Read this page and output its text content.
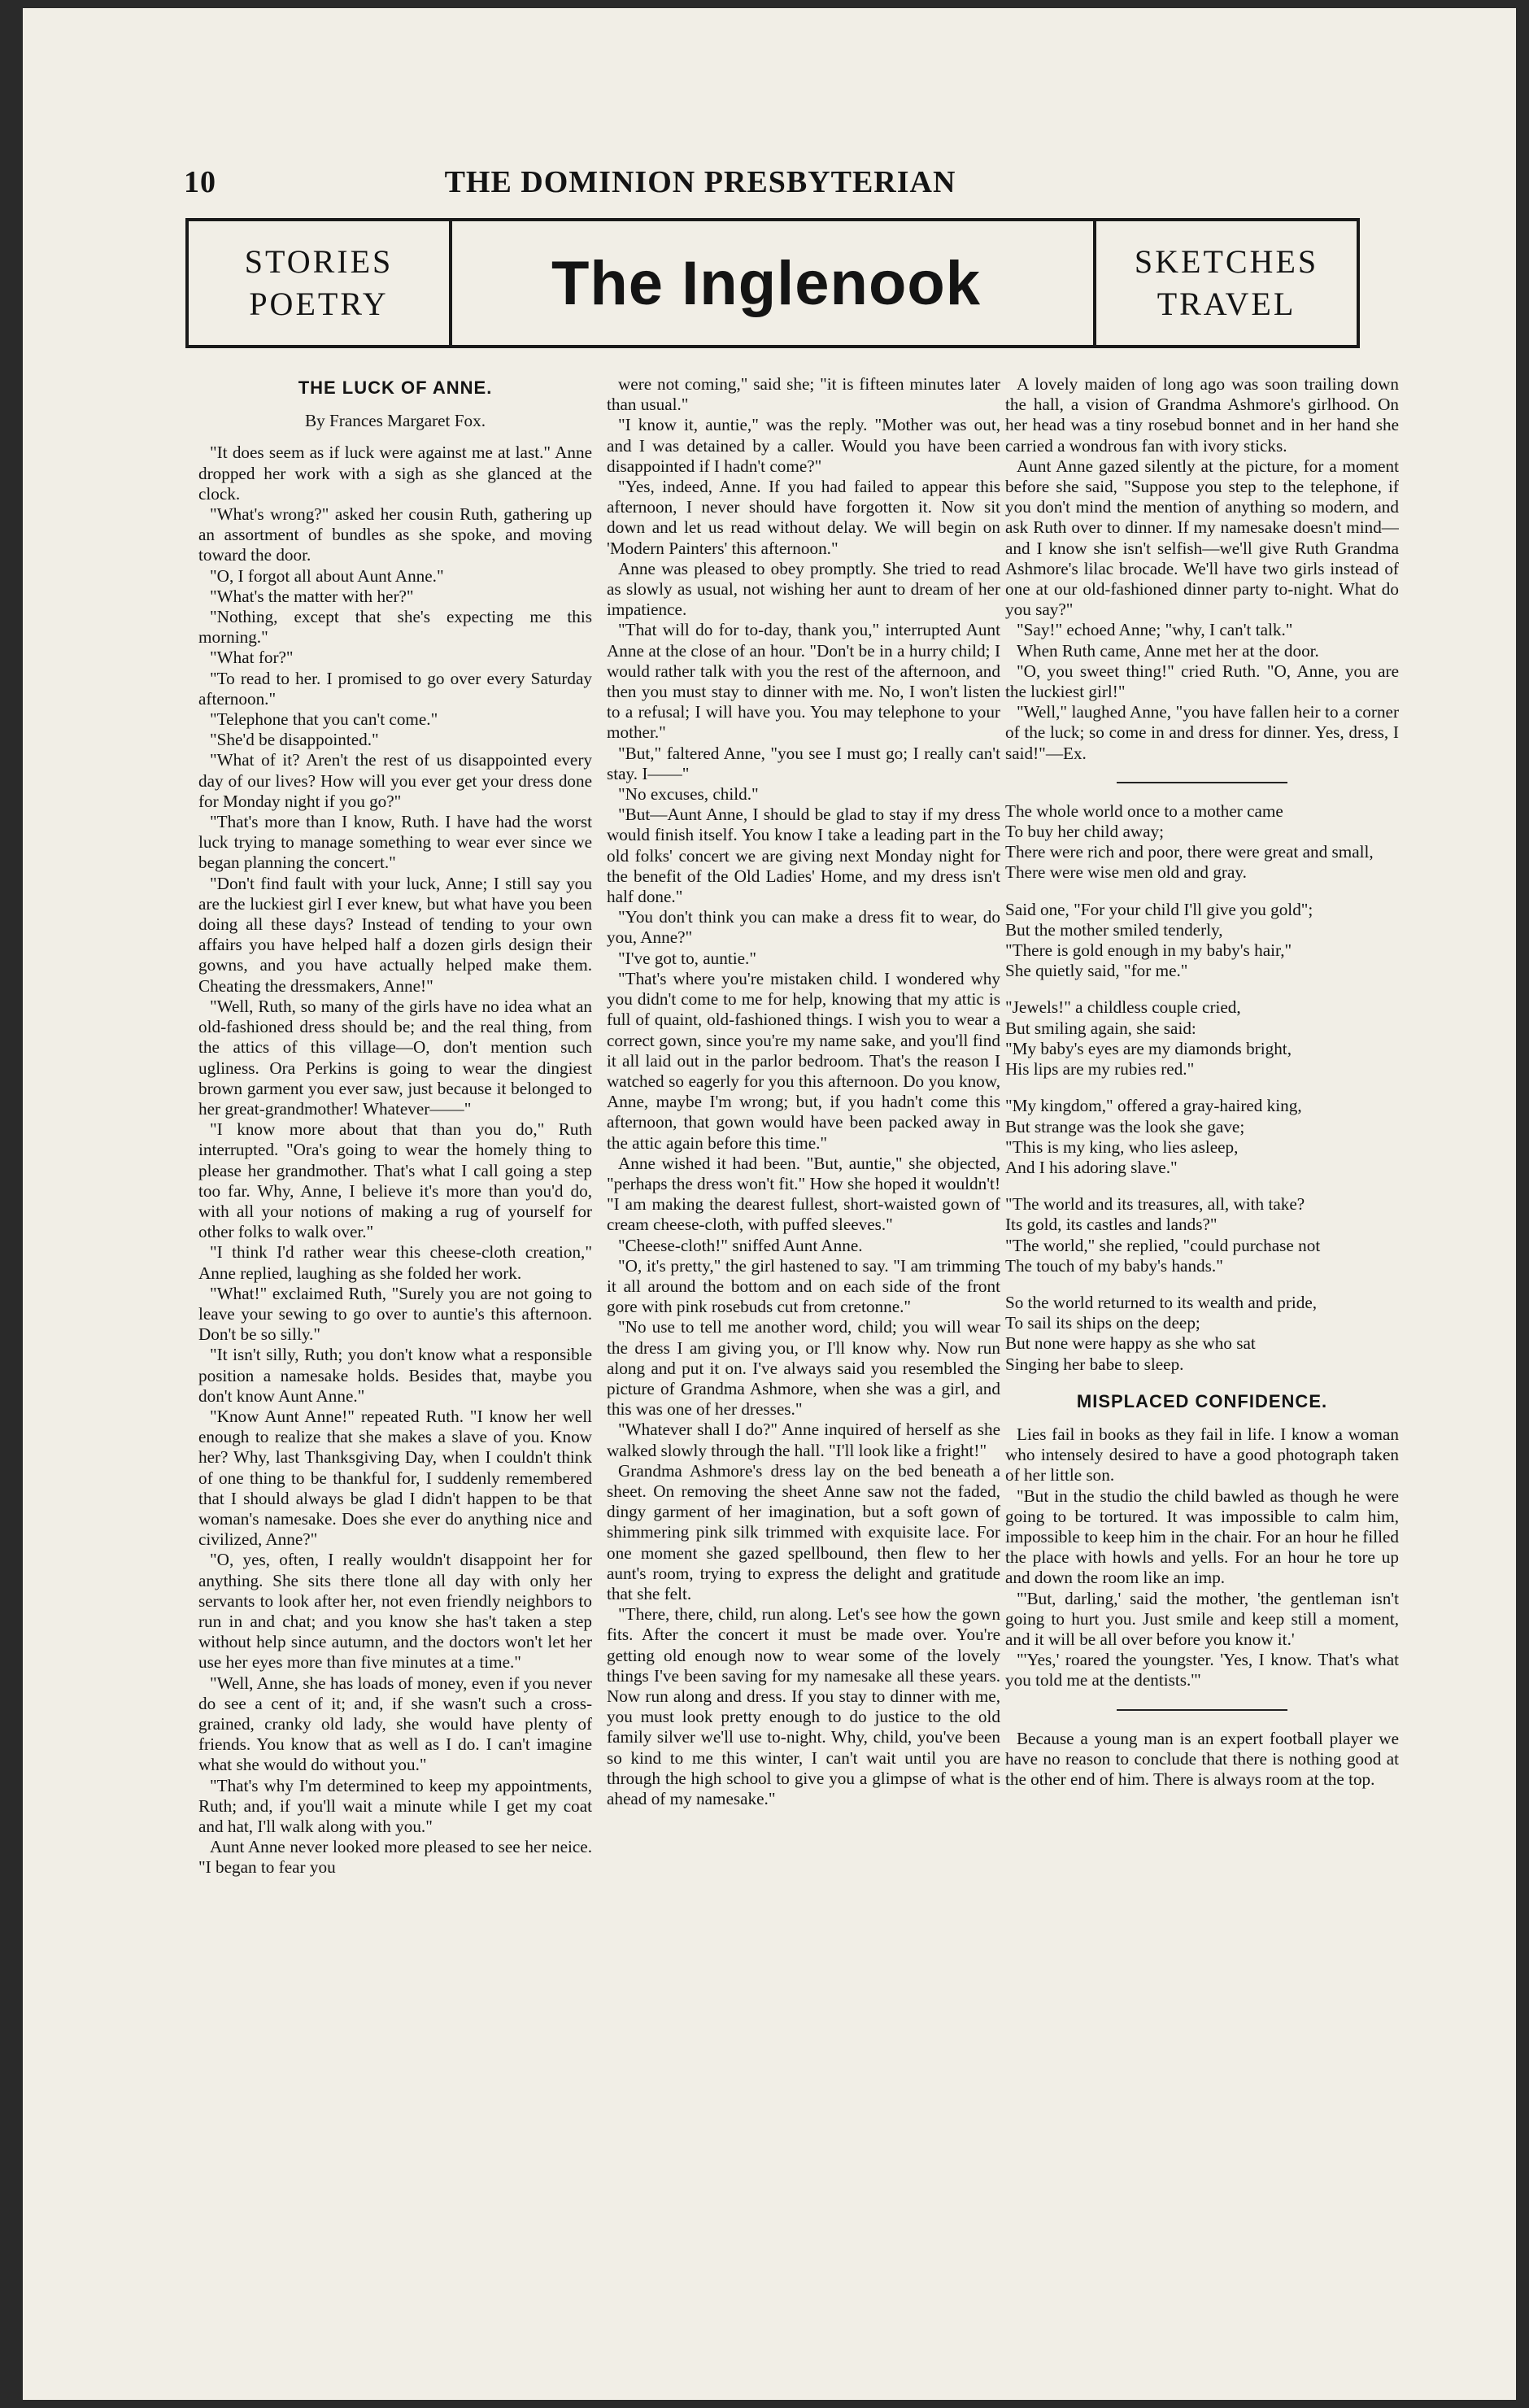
10	THE DOMINION PRESBYTERIAN
STORIES
POETRY	The Inglenook	SKETCHES
TRAVEL

THE LUCK OF ANNE.

By Frances Margaret Fox.

"It does seem as if luck were against me at last." Anne dropped her work with a sigh as she glanced at the clock.

"What's wrong?" asked her cousin Ruth, gathering up an assortment of bundles as she spoke, and moving toward the door.

"O, I forgot all about Aunt Anne."

"What's the matter with her?"

"Nothing, except that she's expecting me this morning."

"What for?"

"To read to her. I promised to go over every Saturday afternoon."

"Telephone that you can't come."

"She'd be disappointed."

"What of it? Aren't the rest of us disappointed every day of our lives? How will you ever get your dress done for Monday night if you go?"

"That's more than I know, Ruth. I have had the worst luck trying to manage something to wear ever since we began planning the concert."

"Don't find fault with your luck, Anne; I still say you are the luckiest girl I ever knew, but what have you been doing all these days? Instead of tending to your own affairs you have helped half a dozen girls design their gowns, and you have actually helped make them. Cheating the dressmakers, Anne!"

"Well, Ruth, so many of the girls have no idea what an old-fashioned dress should be; and the real thing, from the attics of this village—O, don't mention such ugliness. Ora Perkins is going to wear the dingiest brown garment you ever saw, just because it belonged to her great-grandmother! Whatever——"

"I know more about that than you do," Ruth interrupted. "Ora's going to wear the homely thing to please her grandmother. That's what I call going a step too far. Why, Anne, I believe it's more than you'd do, with all your notions of making a rug of yourself for other folks to walk over."

"I think I'd rather wear this cheese-cloth creation," Anne replied, laughing as she folded her work.

"What!" exclaimed Ruth, "Surely you are not going to leave your sewing to go over to auntie's this afternoon. Don't be so silly."

"It isn't silly, Ruth; you don't know what a responsible position a namesake holds. Besides that, maybe you don't know Aunt Anne."

"Know Aunt Anne!" repeated Ruth. "I know her well enough to realize that she makes a slave of you. Know her? Why, last Thanksgiving Day, when I couldn't think of one thing to be thankful for, I suddenly remembered that I should always be glad I didn't happen to be that woman's namesake. Does she ever do anything nice and civilized, Anne?"

"O, yes, often, I really wouldn't disappoint her for anything. She sits there tlone all day with only her servants to look after her, not even friendly neighbors to run in and chat; and you know she has't taken a step without help since autumn, and the doctors won't let her use her eyes more than five minutes at a time."

"Well, Anne, she has loads of money, even if you never do see a cent of it; and, if she wasn't such a cross-grained, cranky old lady, she would have plenty of friends. You know that as well as I do. I can't imagine what she would do without you."

"That's why I'm determined to keep my appointments, Ruth; and, if you'll wait a minute while I get my coat and hat, I'll walk along with you."

Aunt Anne never looked more pleased to see her neice. "I began to fear you

were not coming," said she; "it is fifteen minutes later than usual."

"I know it, auntie," was the reply. "Mother was out, and I was detained by a caller. Would you have been disappointed if I hadn't come?"

"Yes, indeed, Anne. If you had failed to appear this afternoon, I never should have forgotten it. Now sit down and let us read without delay. We will begin on 'Modern Painters' this afternoon."

Anne was pleased to obey promptly. She tried to read as slowly as usual, not wishing her aunt to dream of her impatience.

"That will do for to-day, thank you," interrupted Aunt Anne at the close of an hour. "Don't be in a hurry child; I would rather talk with you the rest of the afternoon, and then you must stay to dinner with me. No, I won't listen to a refusal; I will have you. You may telephone to your mother."

"But," faltered Anne, "you see I must go; I really can't stay. I——"

"No excuses, child."

"But—Aunt Anne, I should be glad to stay if my dress would finish itself. You know I take a leading part in the old folks' concert we are giving next Monday night for the benefit of the Old Ladies' Home, and my dress isn't half done."

"You don't think you can make a dress fit to wear, do you, Anne?"

"I've got to, auntie."

"That's where you're mistaken child. I wondered why you didn't come to me for help, knowing that my attic is full of quaint, old-fashioned things. I wish you to wear a correct gown, since you're my name sake, and you'll find it all laid out in the parlor bedroom. That's the reason I watched so eagerly for you this afternoon. Do you know, Anne, maybe I'm wrong; but, if you hadn't come this afternoon, that gown would have been packed away in the attic again before this time."

Anne wished it had been. "But, auntie," she objected, "perhaps the dress won't fit." How she hoped it wouldn't! "I am making the dearest fullest, short-waisted gown of cream cheese-cloth, with puffed sleeves."

"Cheese-cloth!" sniffed Aunt Anne.

"O, it's pretty," the girl hastened to say. "I am trimming it all around the bottom and on each side of the front gore with pink rosebuds cut from cretonne."

"No use to tell me another word, child; you will wear the dress I am giving you, or I'll know why. Now run along and put it on. I've always said you resembled the picture of Grandma Ashmore, when she was a girl, and this was one of her dresses."

"Whatever shall I do?" Anne inquired of herself as she walked slowly through the hall. "I'll look like a fright!"

Grandma Ashmore's dress lay on the bed beneath a sheet. On removing the sheet Anne saw not the faded, dingy garment of her imagination, but a soft gown of shimmering pink silk trimmed with exquisite lace. For one moment she gazed spellbound, then flew to her aunt's room, trying to express the delight and gratitude that she felt.

"There, there, child, run along. Let's see how the gown fits. After the concert it must be made over. You're getting old enough now to wear some of the lovely things I've been saving for my namesake all these years. Now run along and dress. If you stay to dinner with me, you must look pretty enough to do justice to the old family silver we'll use to-night. Why, child, you've been so kind to me this winter, I can't wait until you are through the high school to give you a glimpse of what is ahead of my namesake."

A lovely maiden of long ago was soon trailing down the hall, a vision of Grandma Ashmore's girlhood. On her head was a tiny rosebud bonnet and in her hand she carried a wondrous fan with ivory sticks.

Aunt Anne gazed silently at the picture, for a moment before she said, "Suppose you step to the telephone, if you don't mind the mention of anything so modern, and ask Ruth over to dinner. If my namesake doesn't mind—and I know she isn't selfish—we'll give Ruth Grandma Ashmore's lilac brocade. We'll have two girls instead of one at our old-fashioned dinner party to-night. What do you say?"

"Say!" echoed Anne; "why, I can't talk."

When Ruth came, Anne met her at the door.

"O, you sweet thing!" cried Ruth. "O, Anne, you are the luckiest girl!"

"Well," laughed Anne, "you have fallen heir to a corner of the luck; so come in and dress for dinner. Yes, dress, I said!"—Ex.

The whole world once to a mother came
To buy her child away;
There were rich and poor, there were great and small,
There were wise men old and gray.
Said one, "For your child I'll give you gold";
But the mother smiled tenderly,
"There is gold enough in my baby's hair,"
She quietly said, "for me."
"Jewels!" a childless couple cried,
But smiling again, she said:
"My baby's eyes are my diamonds bright,
His lips are my rubies red."
"My kingdom," offered a gray-haired king,
But strange was the look she gave;
"This is my king, who lies asleep,
And I his adoring slave."
"The world and its treasures, all, with take?
Its gold, its castles and lands?"
"The world," she replied, "could purchase not
The touch of my baby's hands."
So the world returned to its wealth and pride,
To sail its ships on the deep;
But none were happy as she who sat
Singing her babe to sleep.

MISPLACED CONFIDENCE.

Lies fail in books as they fail in life. I know a woman who intensely desired to have a good photograph taken of her little son.

"But in the studio the child bawled as though he were going to be tortured. It was impossible to calm him, impossible to keep him in the chair. For an hour he filled the place with howls and yells. For an hour he tore up and down the room like an imp.

"'But, darling,' said the mother, 'the gentleman isn't going to hurt you. Just smile and keep still a moment, and it will be all over before you know it.'

"'Yes,' roared the youngster. 'Yes, I know. That's what you told me at the dentists.'"

Because a young man is an expert football player we have no reason to conclude that there is nothing good at the other end of him. There is always room at the top.
